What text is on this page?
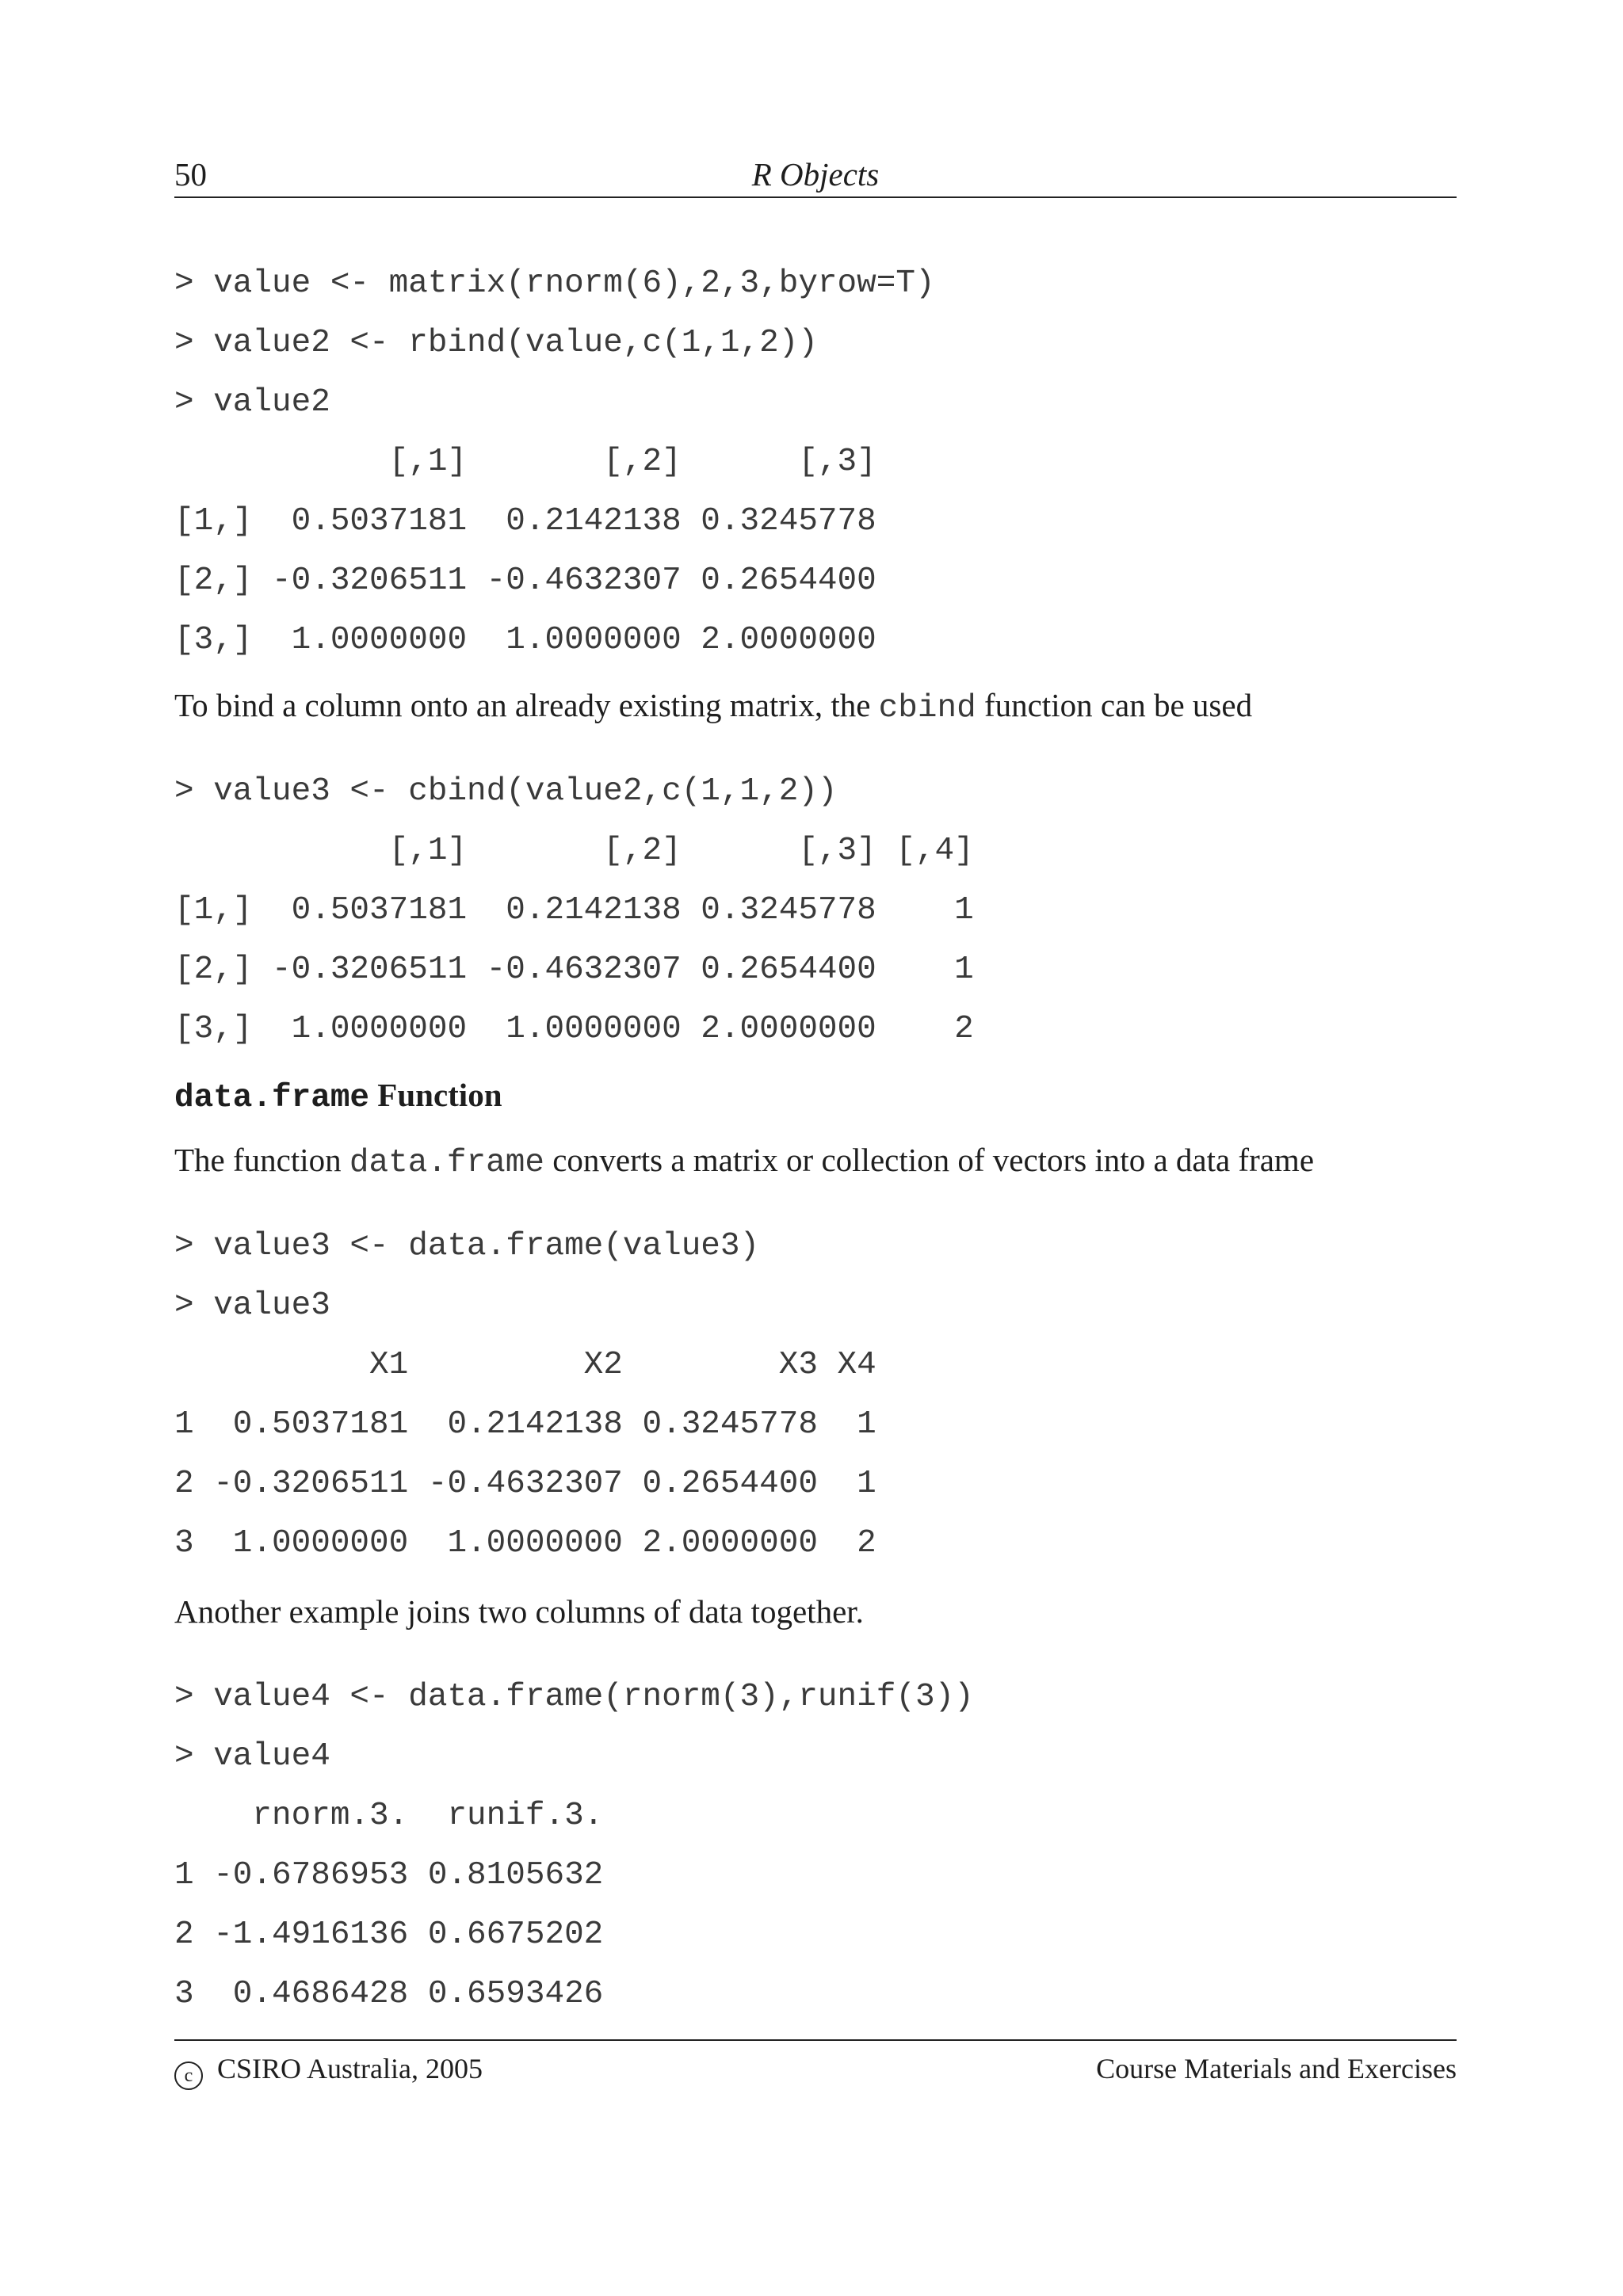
50	R Objects
> value <- matrix(rnorm(6),2,3,byrow=T)
> value2 <- rbind(value,c(1,1,2))
> value2
[,1]       [,2]      [,3]
[1,]  0.5037181  0.2142138 0.3245778
[2,] -0.3206511 -0.4632307 0.2654400
[3,]  1.0000000  1.0000000 2.0000000

To bind a column onto an already existing matrix, the cbind function can be used

> value3 <- cbind(value2,c(1,1,2))
[,1]       [,2]      [,3] [,4]
[1,]  0.5037181  0.2142138 0.3245778    1
[2,] -0.3206511 -0.4632307 0.2654400    1
[3,]  1.0000000  1.0000000 2.0000000    2
data.frame Function

The function data.frame converts a matrix or collection of vectors into a data frame

> value3 <- data.frame(value3)
> value3
X1         X2        X3 X4
1  0.5037181  0.2142138 0.3245778  1
2 -0.3206511 -0.4632307 0.2654400  1
3  1.0000000  1.0000000 2.0000000  2

Another example joins two columns of data together.

> value4 <- data.frame(rnorm(3),runif(3))
> value4
rnorm.3.  runif.3.
1 -0.6786953 0.8105632
2 -1.4916136 0.6675202
3  0.4686428 0.6593426
c CSIRO Australia, 2005	Course Materials and Exercises
